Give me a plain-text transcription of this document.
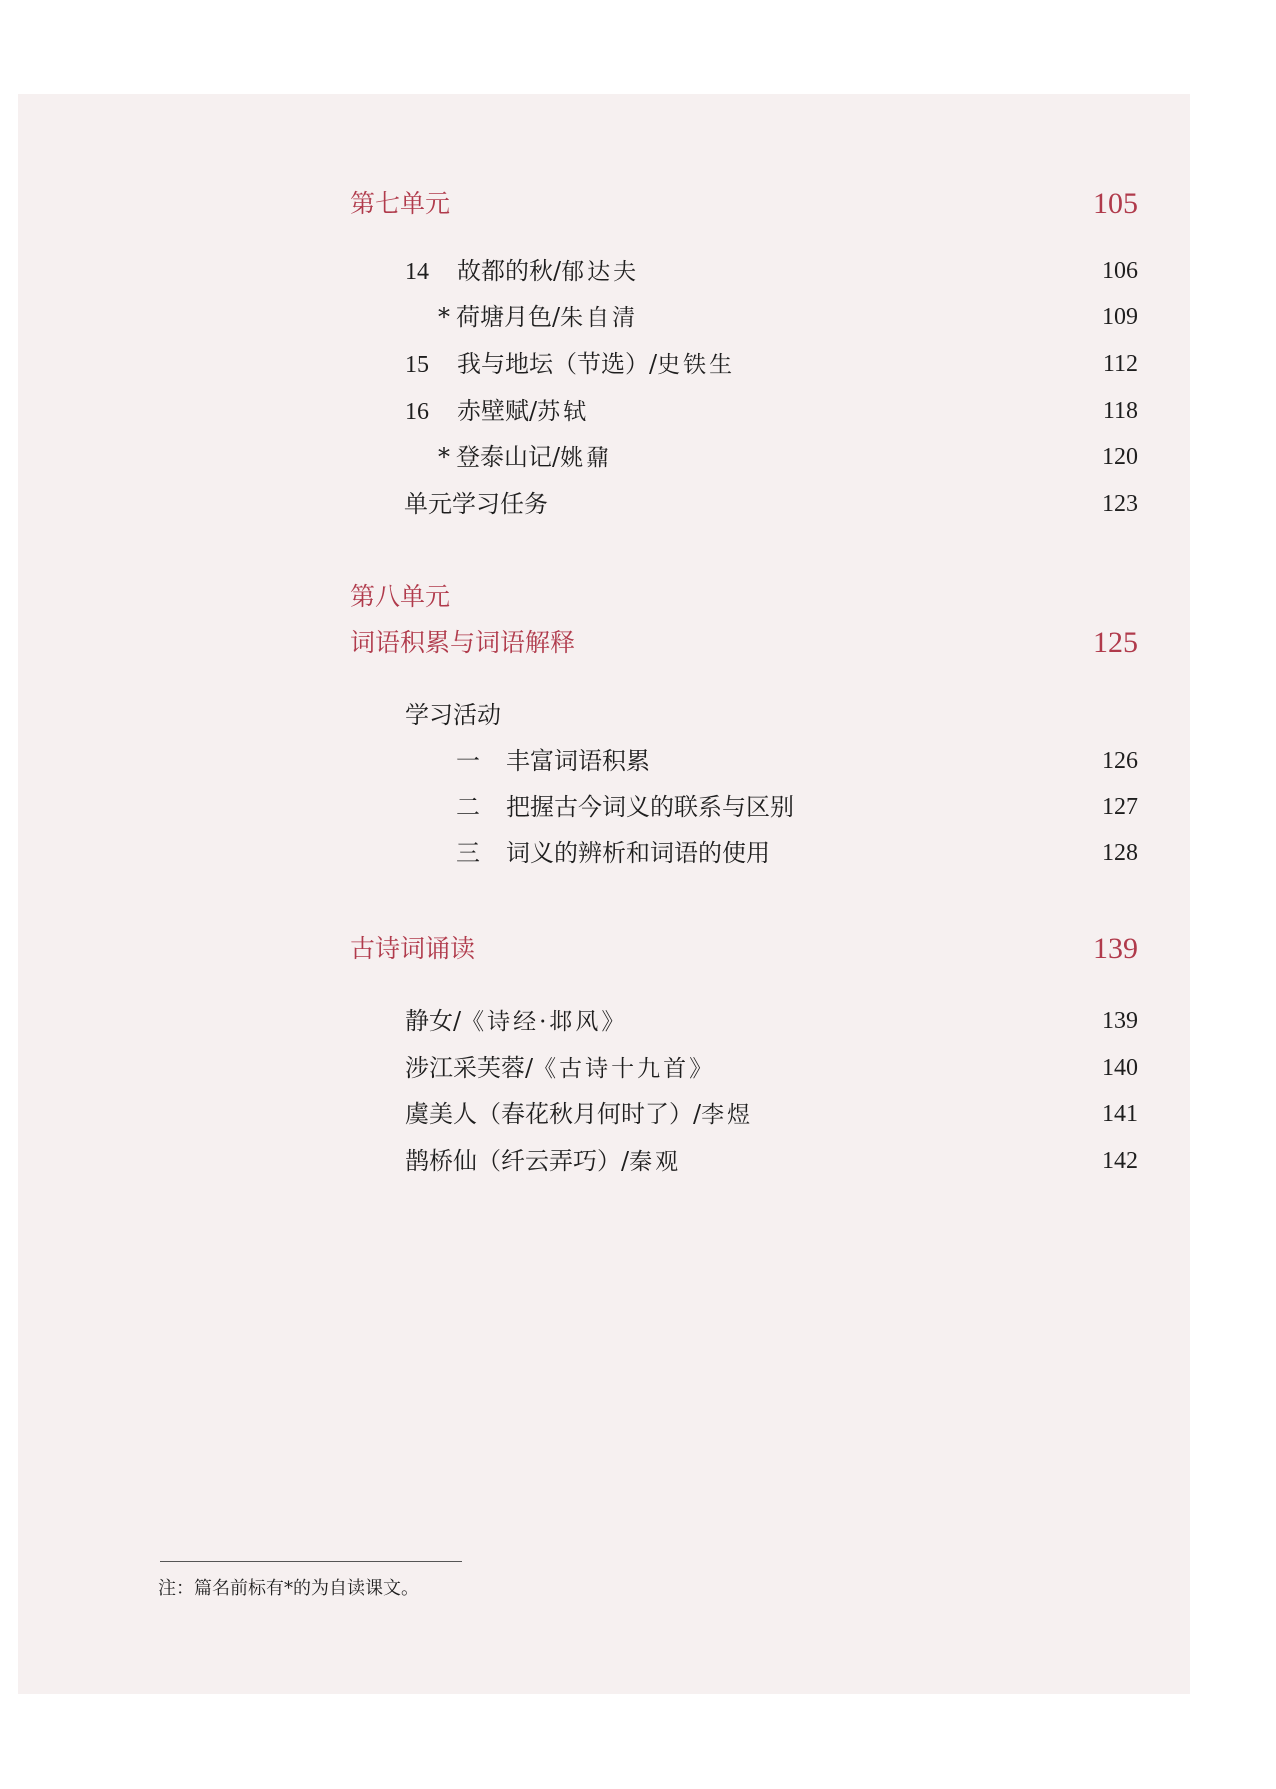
第七单元	105
14 故都的秋/郁达夫	106
* 荷塘月色/朱自清	109
15 我与地坛（节选）/史铁生	112
16 赤壁赋/苏轼	118
* 登泰山记/姚鼐	120
单元学习任务	123
第八单元
词语积累与词语解释	125
学习活动
一 丰富词语积累	126
二 把握古今词义的联系与区别	127
三 词义的辨析和词语的使用	128
古诗词诵读	139
静女/《诗经·邶风》	139
涉江采芙蓉/《古诗十九首》	140
虞美人（春花秋月何时了）/李煜	141
鹊桥仙（纤云弄巧）/秦观	142
注：篇名前标有*的为自读课文。
